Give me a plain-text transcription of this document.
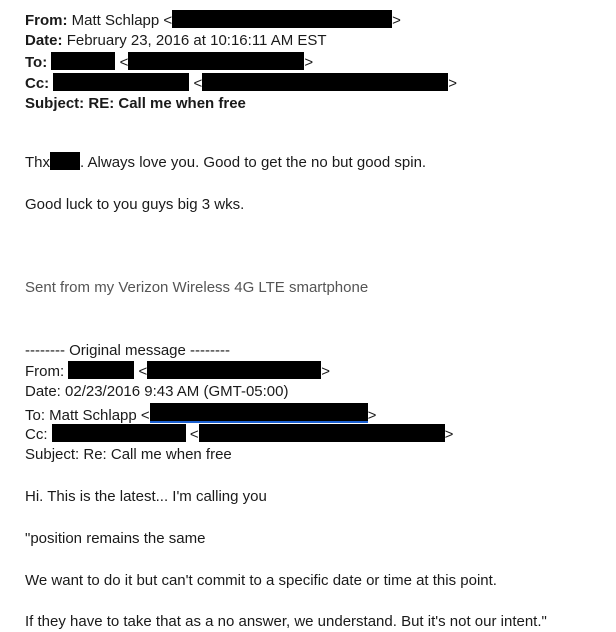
From: Matt Schlapp <	>
Date: February 23, 2016 at 10:16:11 AM EST
To:	<	>
Cc:	<	>
Subject: RE: Call me when free
Thx . Always love you. Good to get the no but good spin.
Good luck to you guys big 3 wks.
Sent from my Verizon Wireless 4G LTE smartphone
-------- Original message --------
From:	<	>
Date: 02/23/2016 9:43 AM (GMT-05:00)
To: Matt Schlapp <	>
Cc:	<	>
Subject: Re: Call me when free
Hi. This is the latest... I'm calling you
"position remains the same
We want to do it but can't commit to a specific date or time at this point.
If they have to take that as a no answer, we understand. But it's not our intent."
